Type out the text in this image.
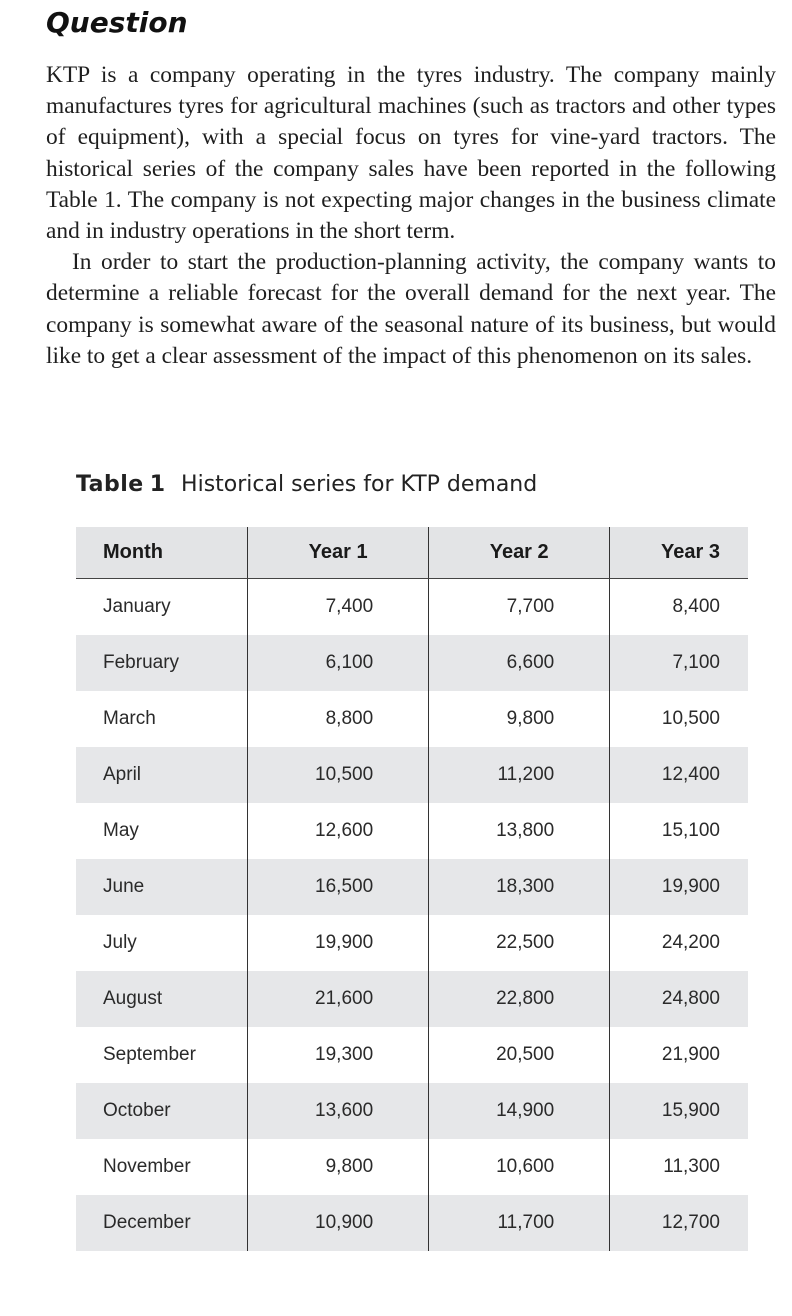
Question

KTP is a company operating in the tyres industry. The company mainly manufactures tyres for agricultural machines (such as tractors and other types of equipment), with a special focus on tyres for vine-yard tractors. The historical series of the company sales have been reported in the following Table 1. The company is not expecting major changes in the business climate and in industry operations in the short term.

In order to start the production-planning activity, the company wants to determine a reliable forecast for the overall demand for the next year. The company is somewhat aware of the seasonal nature of its business, but would like to get a clear assessment of the impact of this phenomenon on its sales.

Table 1 Historical series for KTP demand
Month	Year 1	Year 2	Year 3
January	7,400	7,700	8,400
February	6,100	6,600	7,100
March	8,800	9,800	10,500
April	10,500	11,200	12,400
May	12,600	13,800	15,100
June	16,500	18,300	19,900
July	19,900	22,500	24,200
August	21,600	22,800	24,800
September	19,300	20,500	21,900
October	13,600	14,900	15,900
November	9,800	10,600	11,300
December	10,900	11,700	12,700
